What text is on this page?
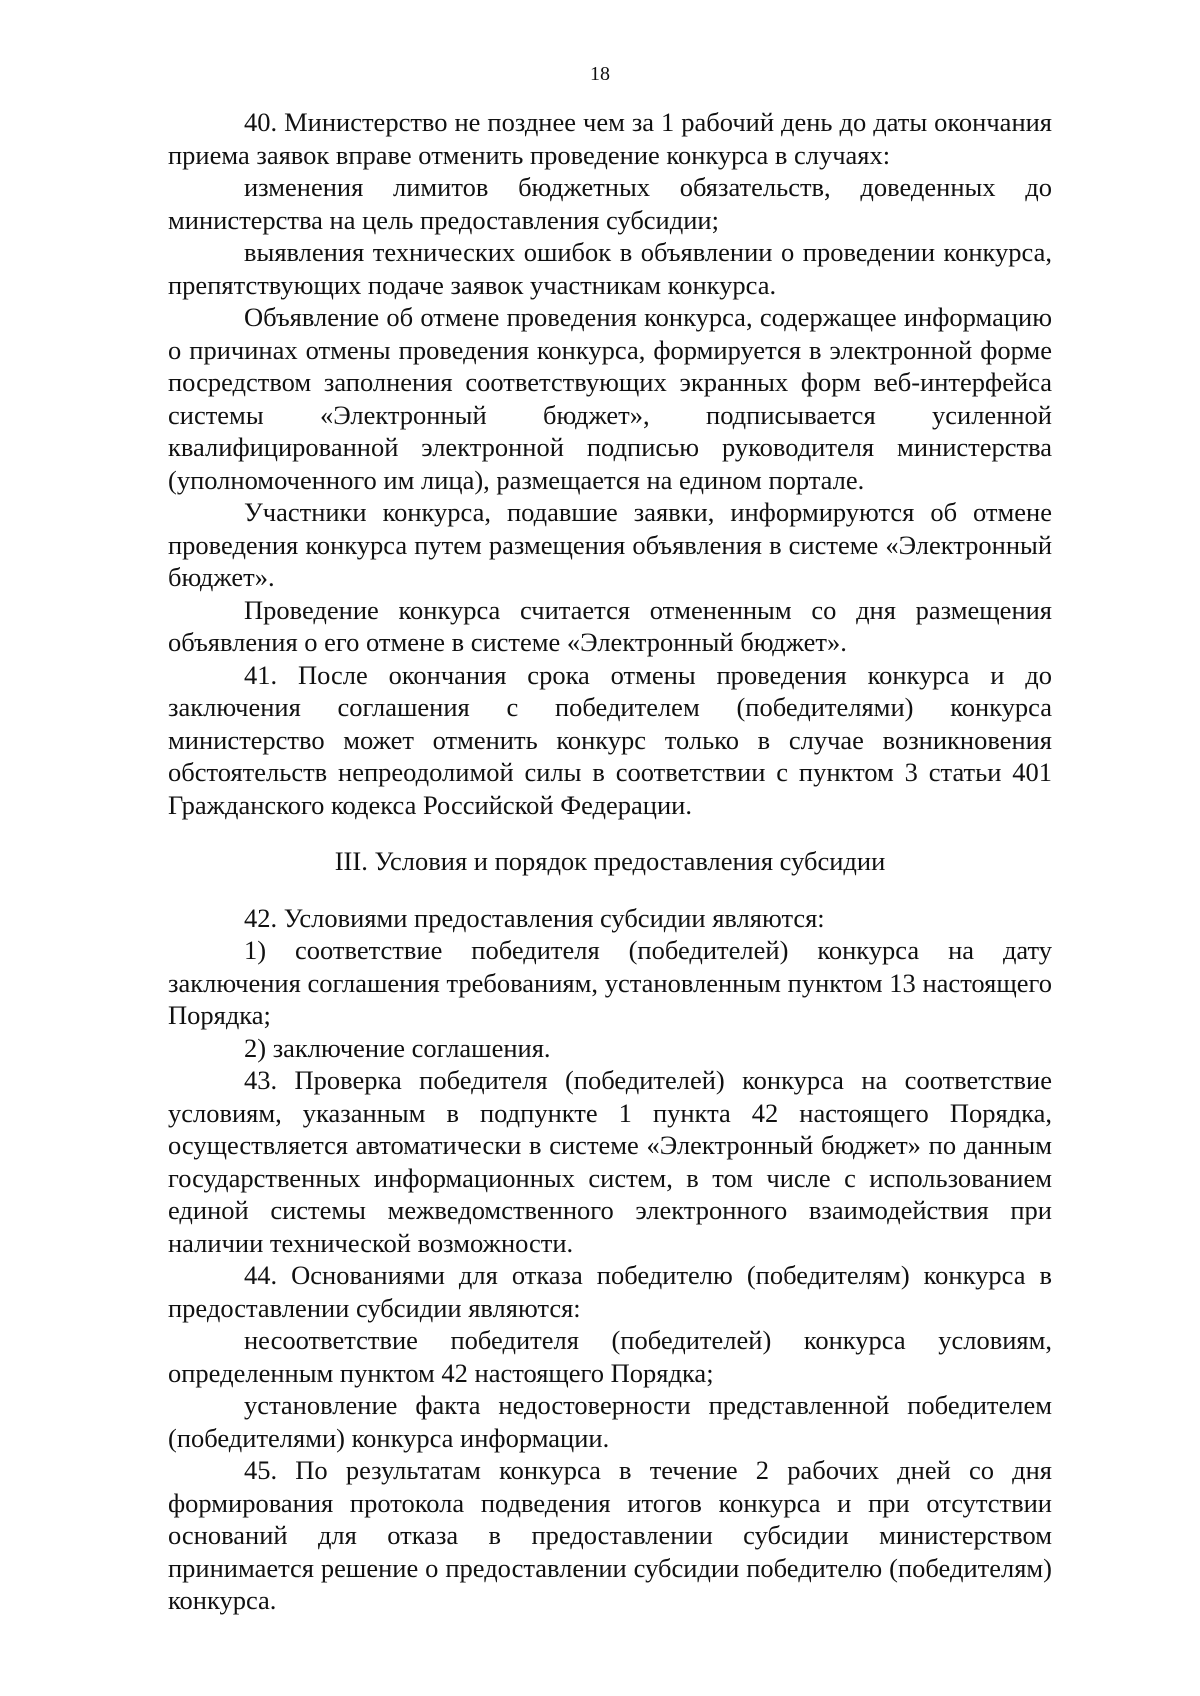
18

40. Министерство не позднее чем за 1 рабочий день до даты окончания приема заявок вправе отменить проведение конкурса в случаях:

изменения лимитов бюджетных обязательств, доведенных до министерства на цель предоставления субсидии;

выявления технических ошибок в объявлении о проведении конкурса, препятствующих подаче заявок участникам конкурса.

Объявление об отмене проведения конкурса, содержащее информацию о причинах отмены проведения конкурса, формируется в электронной форме посредством заполнения соответствующих экранных форм веб-интерфейса системы «Электронный бюджет», подписывается усиленной квалифицированной электронной подписью руководителя министерства (уполномоченного им лица), размещается на едином портале.

Участники конкурса, подавшие заявки, информируются об отмене проведения конкурса путем размещения объявления в системе «Электронный бюджет».

Проведение конкурса считается отмененным со дня размещения объявления о его отмене в системе «Электронный бюджет».

41. После окончания срока отмены проведения конкурса и до заключения соглашения с победителем (победителями) конкурса министерство может отменить конкурс только в случае возникновения обстоятельств непреодолимой силы в соответствии с пунктом 3 статьи 401 Гражданского кодекса Российской Федерации.

III. Условия и порядок предоставления субсидии

42. Условиями предоставления субсидии являются:

1) соответствие победителя (победителей) конкурса на дату заключения соглашения требованиям, установленным пунктом 13 настоящего Порядка;

2) заключение соглашения.

43. Проверка победителя (победителей) конкурса на соответствие условиям, указанным в подпункте 1 пункта 42 настоящего Порядка, осуществляется автоматически в системе «Электронный бюджет» по данным государственных информационных систем, в том числе с использованием единой системы межведомственного электронного взаимодействия при наличии технической возможности.

44. Основаниями для отказа победителю (победителям) конкурса в предоставлении субсидии являются:

несоответствие победителя (победителей) конкурса условиям, определенным пунктом 42 настоящего Порядка;

установление факта недостоверности представленной победителем (победителями) конкурса информации.

45. По результатам конкурса в течение 2 рабочих дней со дня формирования протокола подведения итогов конкурса и при отсутствии оснований для отказа в предоставлении субсидии министерством принимается решение о предоставлении субсидии победителю (победителям) конкурса.
